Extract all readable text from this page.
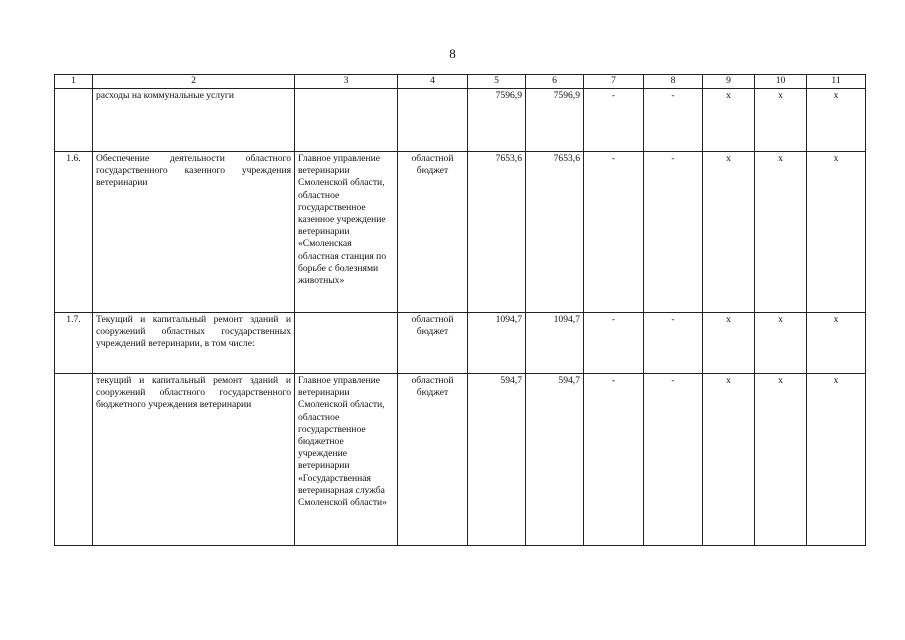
8
1	2	3	4	5	6	7	8	9	10	11
	расходы на коммунальные услуги			7596,9	7596,9	-	-	х	х	х
1.6.	Обеспечение деятельности областного государственного казенного учреждения ветеринарии	Главное управление ветеринарии Смоленской области, областное государственное казенное учреждение ветеринарии «Смоленская областная станция по борьбе с болезнями животных»	областной бюджет	7653,6	7653,6	-	-	х	х	х
1.7.	Текущий и капитальный ремонт зданий и сооружений областных государственных учреждений ветеринарии, в том числе:		областной бюджет	1094,7	1094,7	-	-	х	х	х
	текущий и капитальный ремонт зданий и сооружений областного государственного бюджетного учреждения ветеринарии	Главное управление ветеринарии Смоленской области, областное государственное бюджетное учреждение ветеринарии «Государственная ветеринарная служба Смоленской области»	областной бюджет	594,7	594,7	-	-	х	х	х
